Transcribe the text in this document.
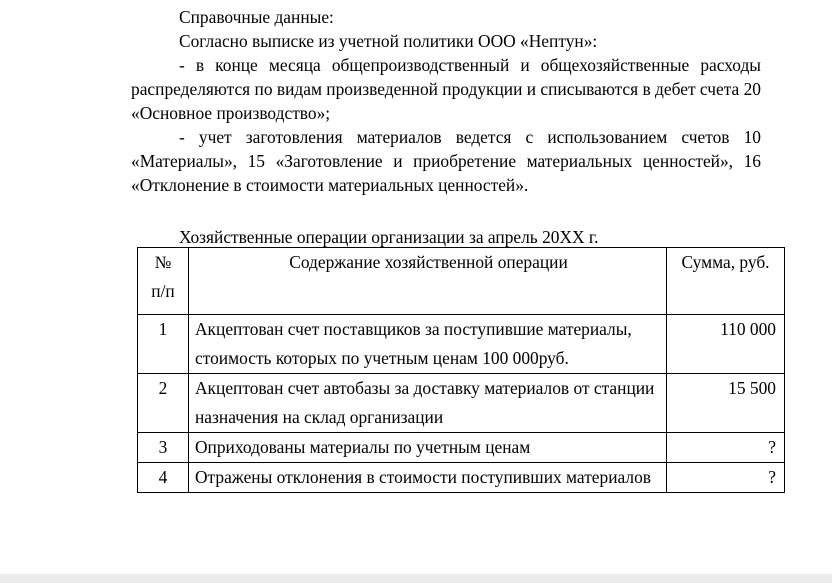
Справочные данные:

Согласно выписке из учетной политики ООО «Нептун»:

- в конце месяца общепроизводственный и общехозяйственные расходы распределяются по видам произведенной продукции и списываются в дебет счета 20 «Основное производство»;

- учет заготовления материалов ведется с использованием счетов 10 «Материалы», 15 «Заготовление и приобретение материальных ценностей», 16 «Отклонение в стоимости материальных ценностей».

Хозяйственные операции организации за апрель 20ХХ г.
№
п/п	Содержание хозяйственной операции	Сумма, руб.
1	Акцептован счет поставщиков за поступившие материалы, стоимость которых по учетным ценам 100 000руб.	110 000
2	Акцептован счет автобазы за доставку материалов от станции назначения на склад организации	15 500
3	Оприходованы материалы по учетным ценам	?
4	Отражены отклонения в стоимости поступивших материалов	?
